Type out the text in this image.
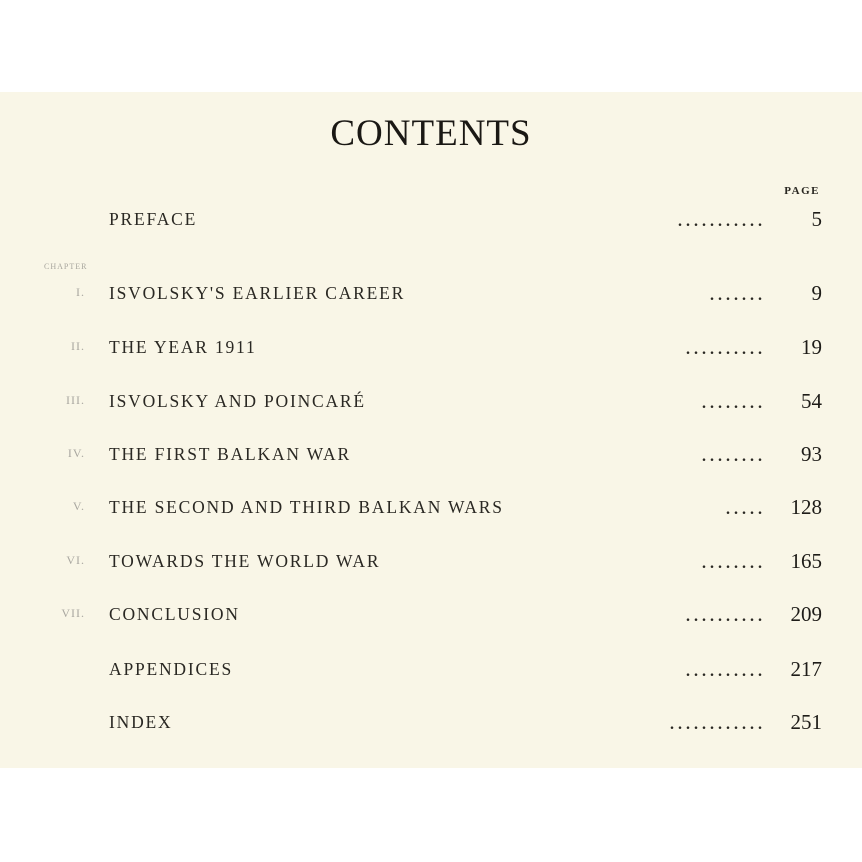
CONTENTS
PAGE
CHAPTER
PREFACE	. . . . . . . . . . . 5
I. ISVOLSKY'S EARLIER CAREER	. . . . . . . 9
II. THE YEAR 1911	. . . . . . . . . . 19
III. ISVOLSKY AND POINCARÉ	. . . . . . . . 54
IV. THE FIRST BALKAN WAR	. . . . . . . . 93
V. THE SECOND AND THIRD BALKAN WARS	. . . . . 128
VI. TOWARDS THE WORLD WAR	. . . . . . . . 165
VII. CONCLUSION	. . . . . . . . . . 209
APPENDICES	. . . . . . . . . . 217
INDEX	. . . . . . . . . . . . 251
